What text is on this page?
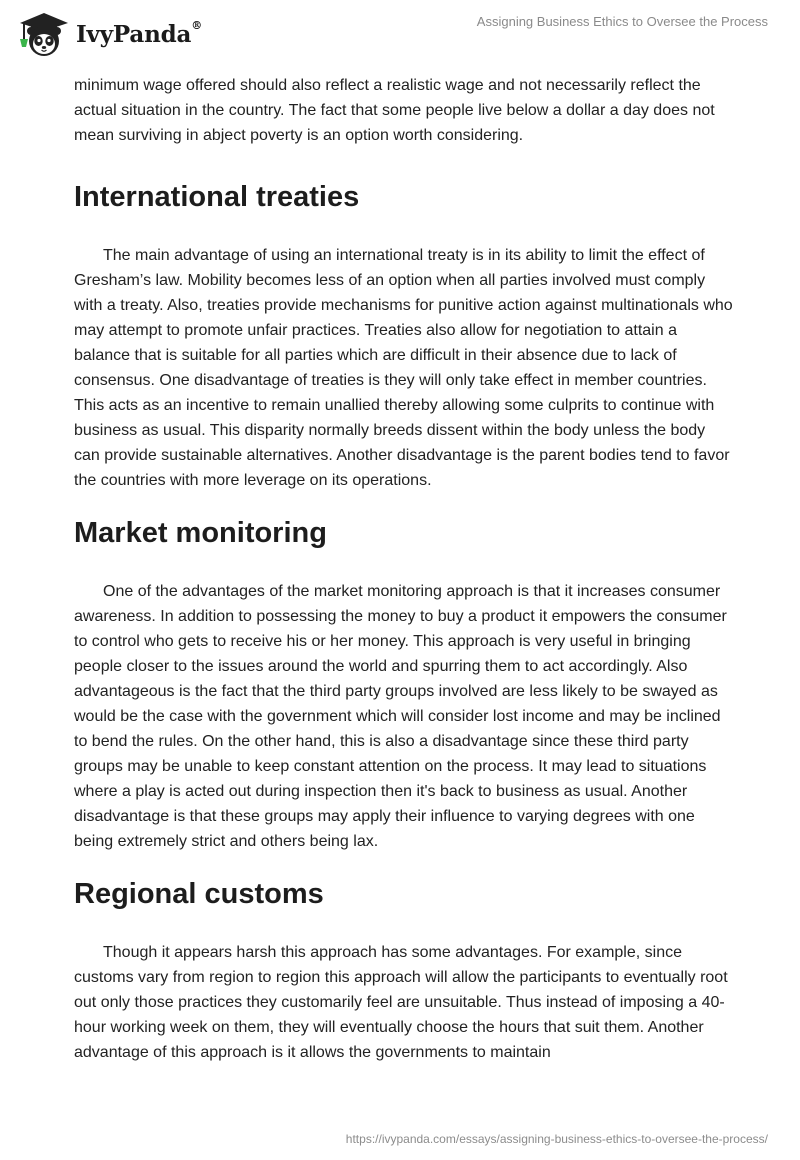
IvyPanda®	Assigning Business Ethics to Oversee the Process

minimum wage offered should also reflect a realistic wage and not necessarily reflect the actual situation in the country. The fact that some people live below a dollar a day does not mean surviving in abject poverty is an option worth considering.

International treaties

The main advantage of using an international treaty is in its ability to limit the effect of Gresham’s law. Mobility becomes less of an option when all parties involved must comply with a treaty. Also, treaties provide mechanisms for punitive action against multinationals who may attempt to promote unfair practices. Treaties also allow for negotiation to attain a balance that is suitable for all parties which are difficult in their absence due to lack of consensus. One disadvantage of treaties is they will only take effect in member countries. This acts as an incentive to remain unallied thereby allowing some culprits to continue with business as usual. This disparity normally breeds dissent within the body unless the body can provide sustainable alternatives. Another disadvantage is the parent bodies tend to favor the countries with more leverage on its operations.

Market monitoring

One of the advantages of the market monitoring approach is that it increases consumer awareness. In addition to possessing the money to buy a product it empowers the consumer to control who gets to receive his or her money. This approach is very useful in bringing people closer to the issues around the world and spurring them to act accordingly. Also advantageous is the fact that the third party groups involved are less likely to be swayed as would be the case with the government which will consider lost income and may be inclined to bend the rules. On the other hand, this is also a disadvantage since these third party groups may be unable to keep constant attention on the process. It may lead to situations where a play is acted out during inspection then it's back to business as usual. Another disadvantage is that these groups may apply their influence to varying degrees with one being extremely strict and others being lax.

Regional customs

Though it appears harsh this approach has some advantages. For example, since customs vary from region to region this approach will allow the participants to eventually root out only those practices they customarily feel are unsuitable. Thus instead of imposing a 40-hour working week on them, they will eventually choose the hours that suit them. Another advantage of this approach is it allows the governments to maintain

https://ivypanda.com/essays/assigning-business-ethics-to-oversee-the-process/
